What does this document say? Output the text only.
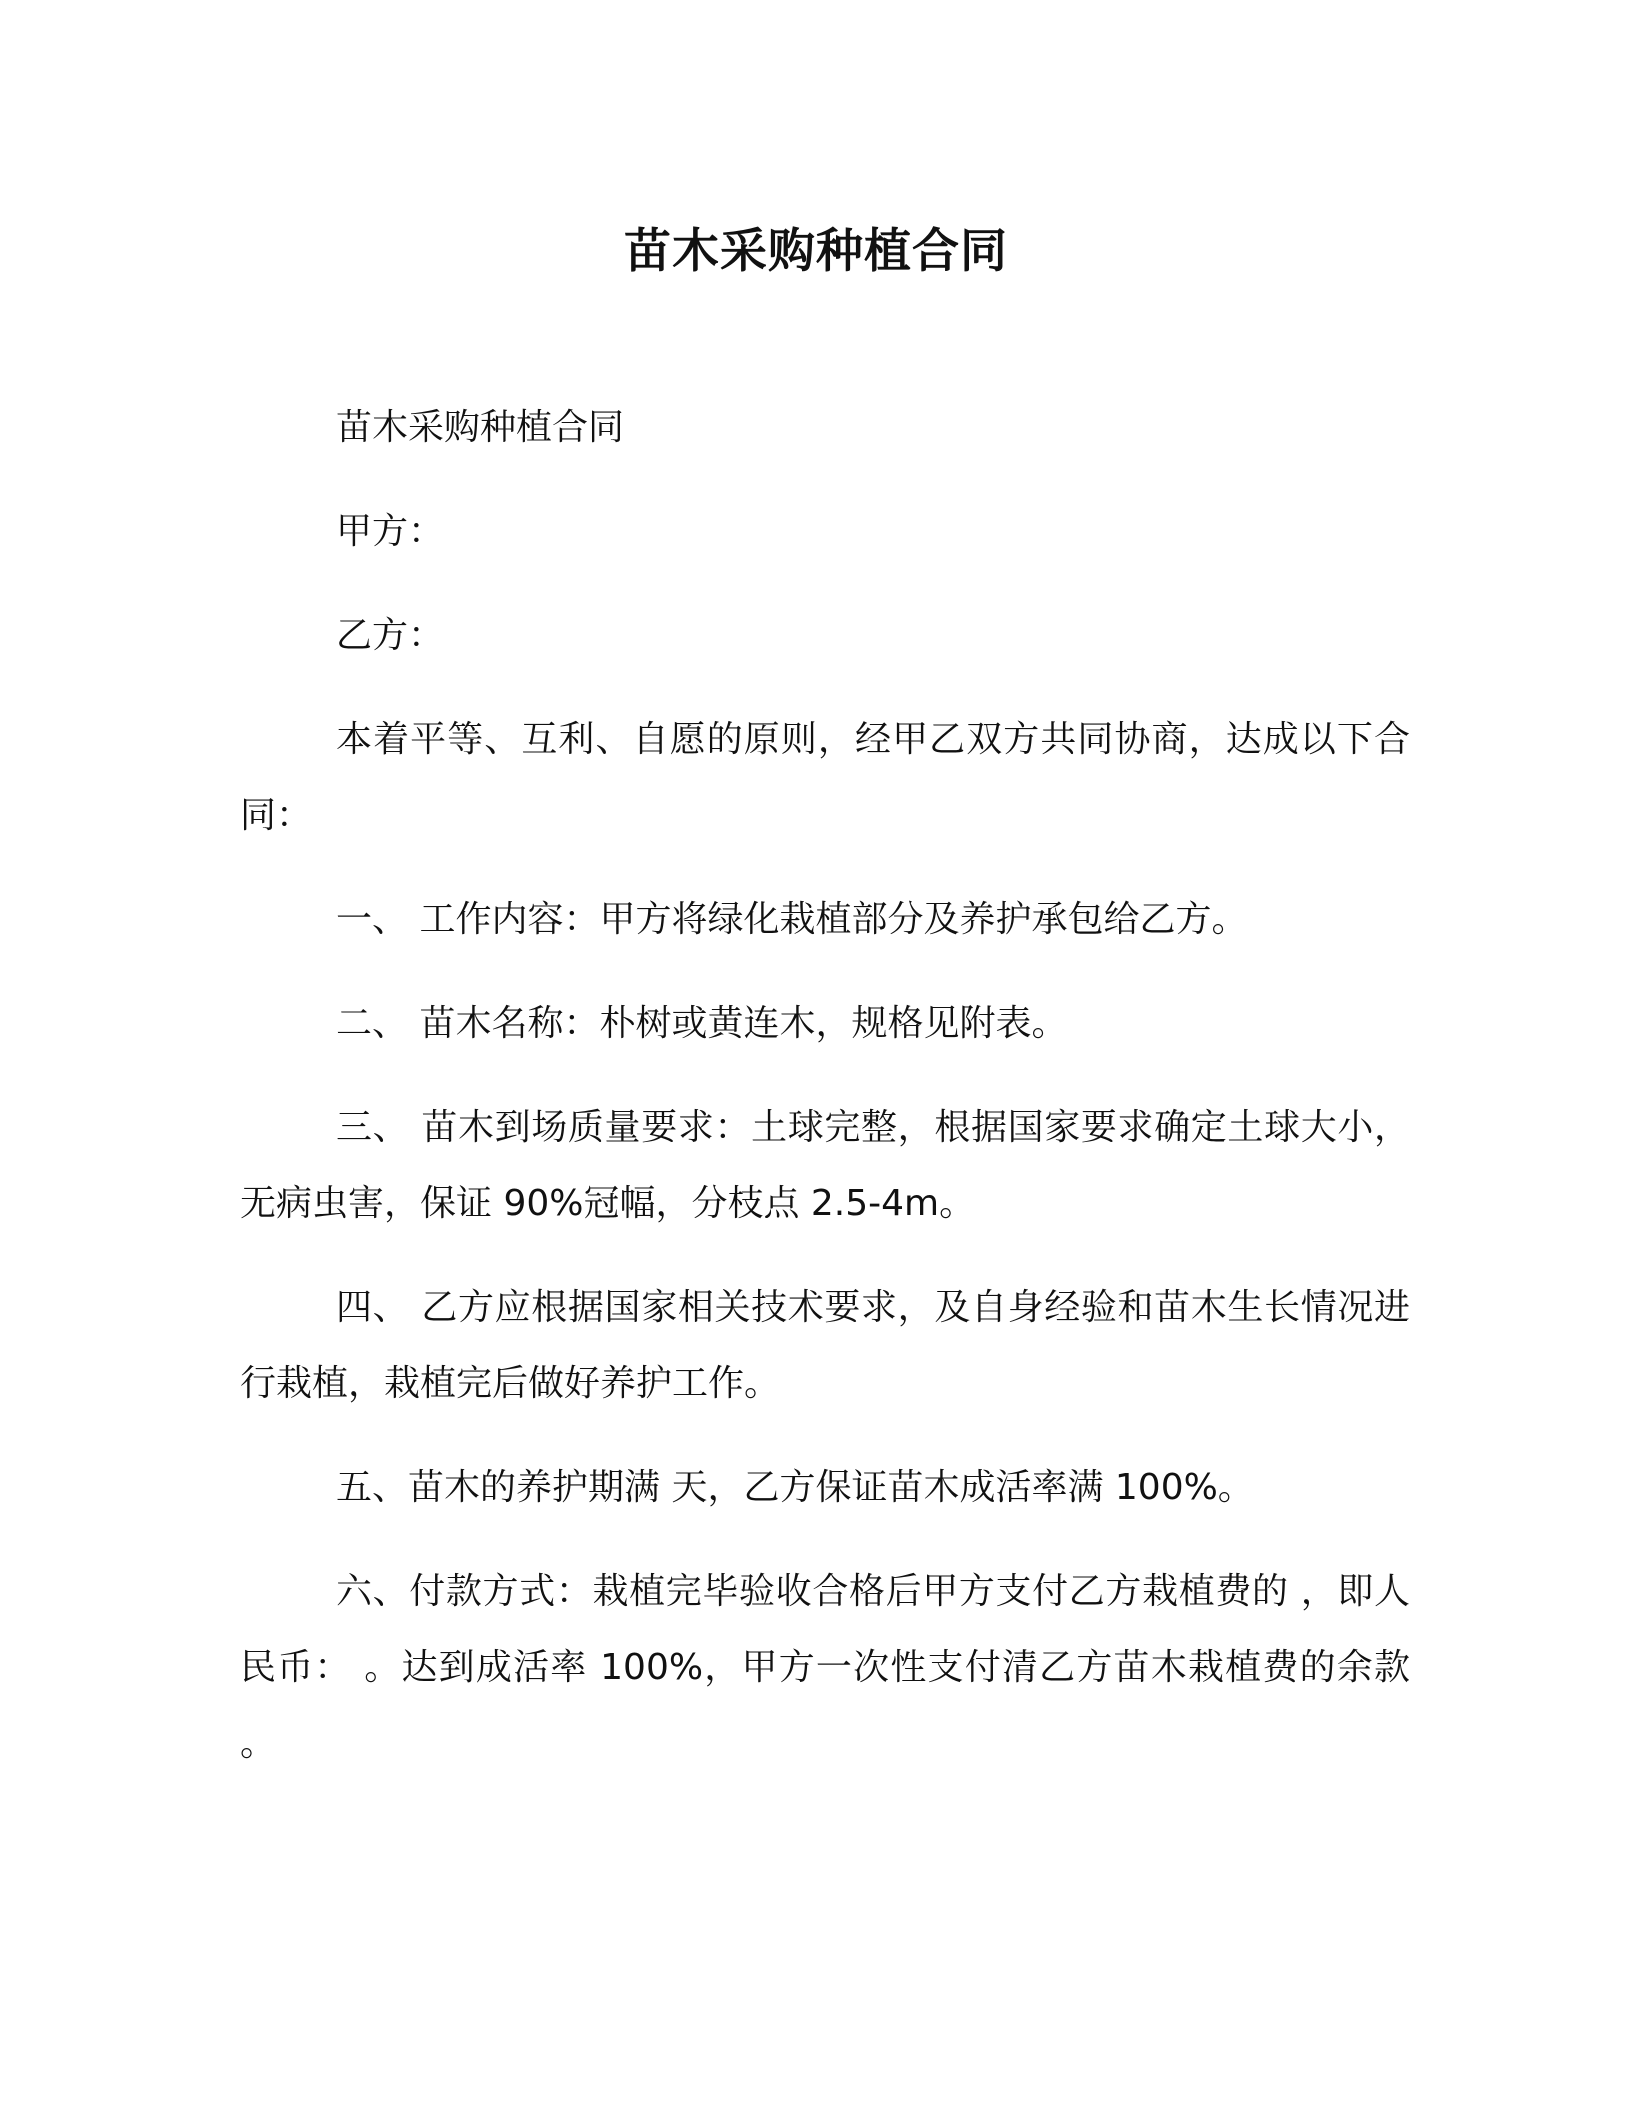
苗木采购种植合同

苗木采购种植合同

甲方：

乙方：

本着平等、互利、自愿的原则，经甲乙双方共同协商，达成以下合同：

一、 工作内容：甲方将绿化栽植部分及养护承包给乙方。

二、 苗木名称：朴树或黄连木，规格见附表。

三、 苗木到场质量要求：土球完整，根据国家要求确定土球大小，无病虫害，保证 90%冠幅，分枝点 2.5-4m。

四、 乙方应根据国家相关技术要求，及自身经验和苗木生长情况进行栽植，栽植完后做好养护工作。

五、苗木的养护期满 天，乙方保证苗木成活率满 100%。

六、付款方式：栽植完毕验收合格后甲方支付乙方栽植费的 ，即人民币： 。达到成活率 100%，甲方一次性支付清乙方苗木栽植费的余款 。
